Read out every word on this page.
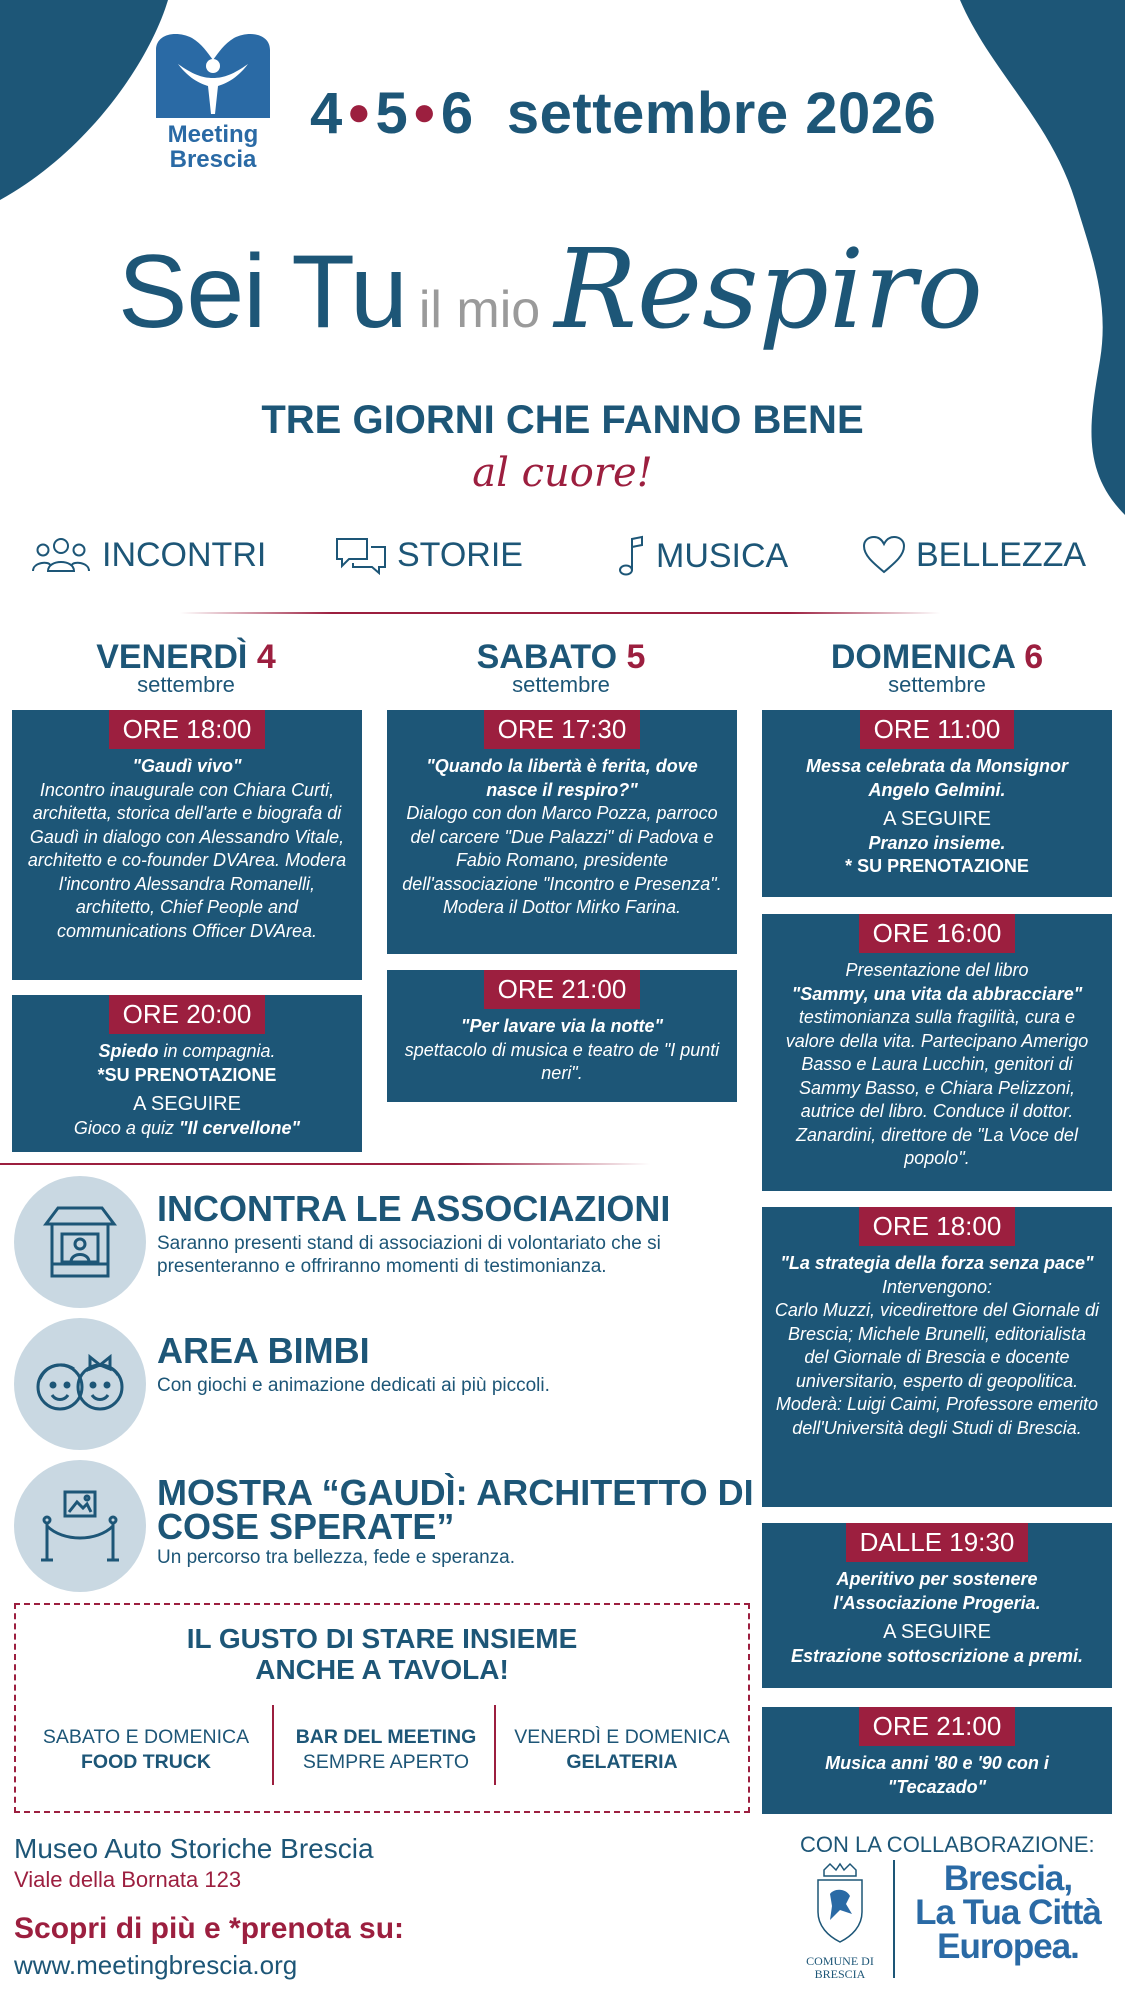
Meeting
Brescia
4 ●5 ●6 settembre 2026
Sei Tu il mio Respiro
TRE GIORNI CHE FANNO BENE
al cuore!
INCONTRI	STORIE	MUSICA	BELLEZZA
VENERDÌ 4
settembre
SABATO 5
settembre
DOMENICA 6
settembre
ORE 18:00

"Gaudì vivo"

Incontro inaugurale con Chiara Curti, architetta, storica dell'arte e biografa di Gaudì in dialogo con Alessandro Vitale, architetto e co-founder DVArea. Modera l'incontro Alessandra Romanelli, architetto, Chief People and communications Officer DVArea.

ORE 20:00

Spiedo in compagnia.

*SU PRENOTAZIONE

A SEGUIRE

Gioco a quiz "Il cervellone"

ORE 17:30

"Quando la libertà è ferita, dove nasce il respiro?"

Dialogo con don Marco Pozza, parroco del carcere "Due Palazzi" di Padova e Fabio Romano, presidente dell'associazione "Incontro e Presenza". Modera il Dottor Mirko Farina.

ORE 21:00

"Per lavare via la notte"

spettacolo di musica e teatro de "I punti neri".

ORE 11:00

Messa celebrata da Monsignor Angelo Gelmini.

A SEGUIRE

Pranzo insieme.

* SU PRENOTAZIONE

ORE 16:00

Presentazione del libro

"Sammy, una vita da abbracciare"

testimonianza sulla fragilità, cura e valore della vita. Partecipano Amerigo Basso e Laura Lucchin, genitori di Sammy Basso, e Chiara Pelizzoni, autrice del libro. Conduce il dottor. Zanardini, direttore de "La Voce del popolo".

ORE 18:00

"La strategia della forza senza pace"

Intervengono:

Carlo Muzzi, vicedirettore del Giornale di Brescia; Michele Brunelli, editorialista del Giornale di Brescia e docente universitario, esperto di geopolitica. Moderà: Luigi Caimi, Professore emerito dell'Università degli Studi di Brescia.

DALLE 19:30

Aperitivo per sostenere l'Associazione Progeria.

A SEGUIRE

Estrazione sottoscrizione a premi.

ORE 21:00

Musica anni '80 e '90 con i "Tecazado"

INCONTRA LE ASSOCIAZIONI
Saranno presenti stand di associazioni di volontariato che si presenteranno e offriranno momenti di testimonianza.
AREA BIMBI
Con giochi e animazione dedicati ai più piccoli.
MOSTRA “GAUDÌ: ARCHITETTO DI COSE SPERATE”
Un percorso tra bellezza, fede e speranza.
IL GUSTO DI STARE INSIEME
ANCHE A TAVOLA!
SABATO E DOMENICA
FOOD TRUCK
BAR DEL MEETING
SEMPRE APERTO
VENERDÌ E DOMENICA
GELATERIA
Museo Auto Storiche Brescia
Viale della Bornata 123
Scopri di più e *prenota su:
www.meetingbrescia.org
CON LA COLLABORAZIONE:
COMUNE DI
BRESCIA
Brescia,
La Tua Città
Europea.
